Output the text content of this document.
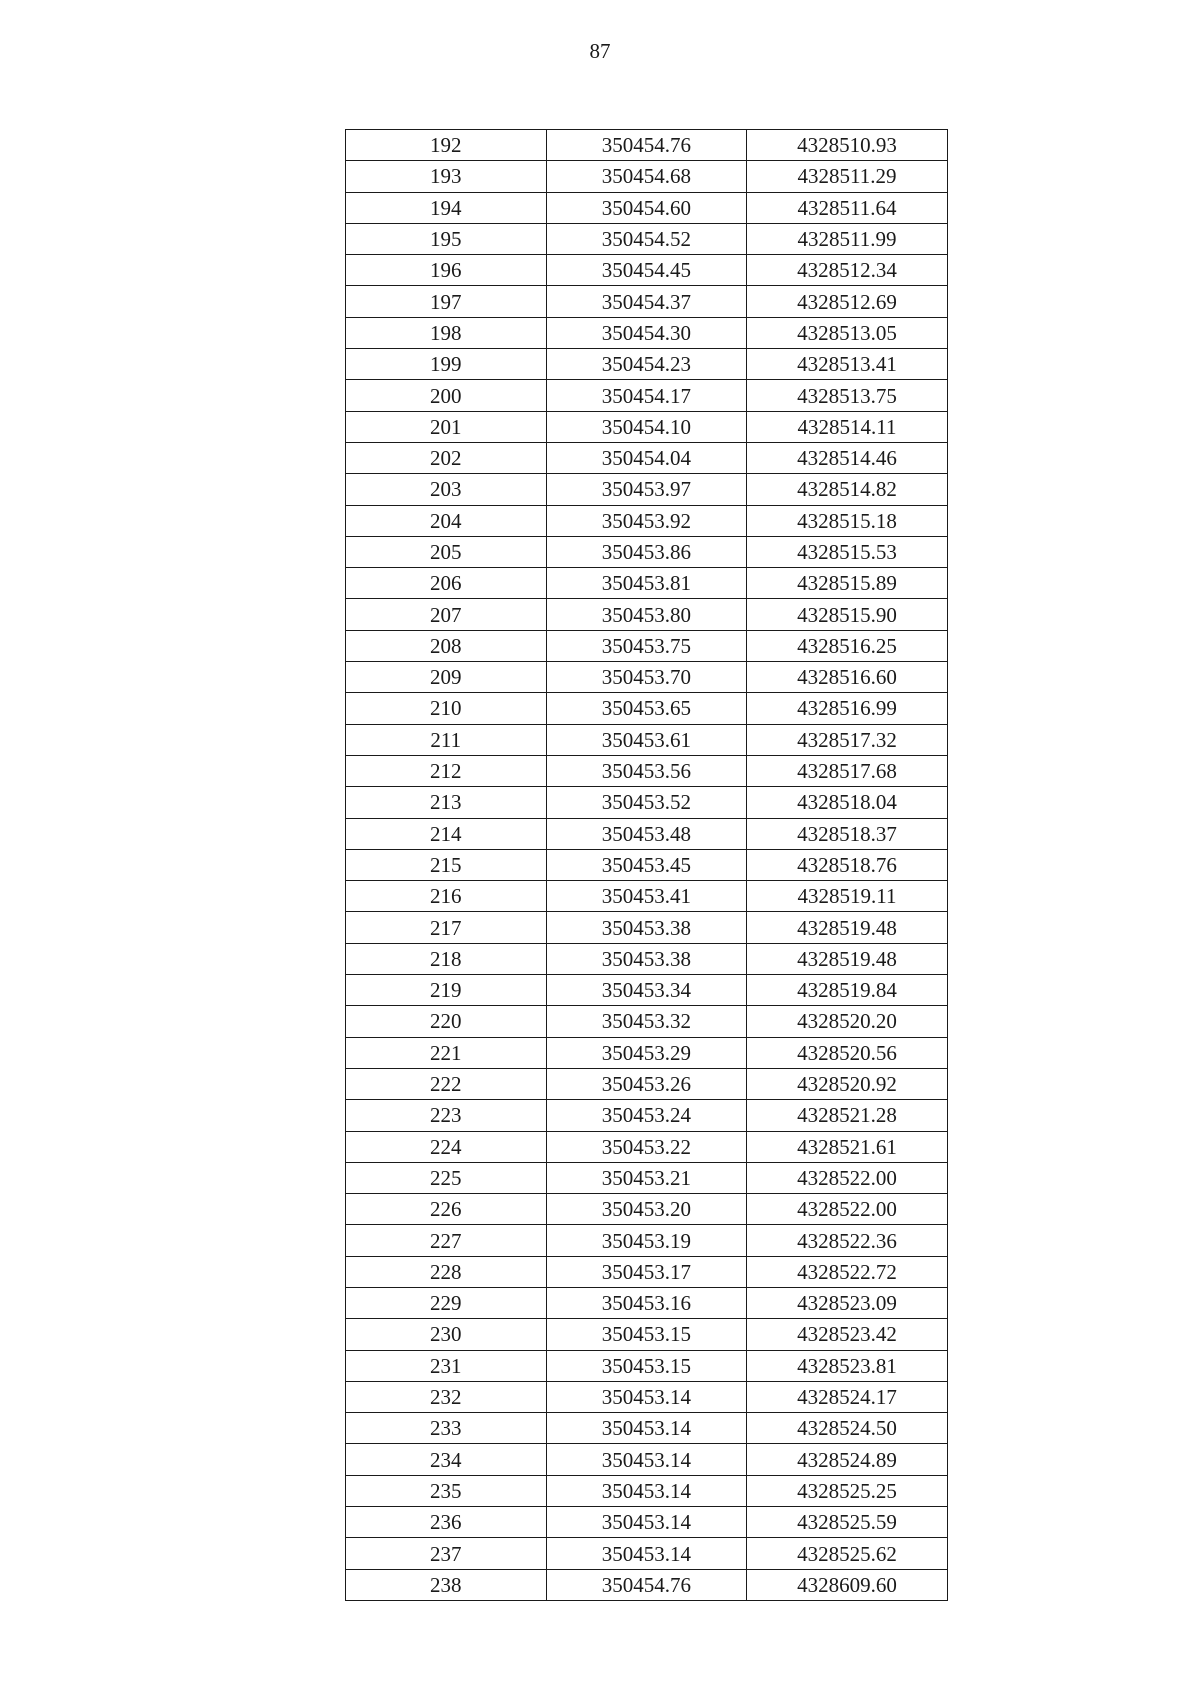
87
192	350454.76	4328510.93
193	350454.68	4328511.29
194	350454.60	4328511.64
195	350454.52	4328511.99
196	350454.45	4328512.34
197	350454.37	4328512.69
198	350454.30	4328513.05
199	350454.23	4328513.41
200	350454.17	4328513.75
201	350454.10	4328514.11
202	350454.04	4328514.46
203	350453.97	4328514.82
204	350453.92	4328515.18
205	350453.86	4328515.53
206	350453.81	4328515.89
207	350453.80	4328515.90
208	350453.75	4328516.25
209	350453.70	4328516.60
210	350453.65	4328516.99
211	350453.61	4328517.32
212	350453.56	4328517.68
213	350453.52	4328518.04
214	350453.48	4328518.37
215	350453.45	4328518.76
216	350453.41	4328519.11
217	350453.38	4328519.48
218	350453.38	4328519.48
219	350453.34	4328519.84
220	350453.32	4328520.20
221	350453.29	4328520.56
222	350453.26	4328520.92
223	350453.24	4328521.28
224	350453.22	4328521.61
225	350453.21	4328522.00
226	350453.20	4328522.00
227	350453.19	4328522.36
228	350453.17	4328522.72
229	350453.16	4328523.09
230	350453.15	4328523.42
231	350453.15	4328523.81
232	350453.14	4328524.17
233	350453.14	4328524.50
234	350453.14	4328524.89
235	350453.14	4328525.25
236	350453.14	4328525.59
237	350453.14	4328525.62
238	350454.76	4328609.60
